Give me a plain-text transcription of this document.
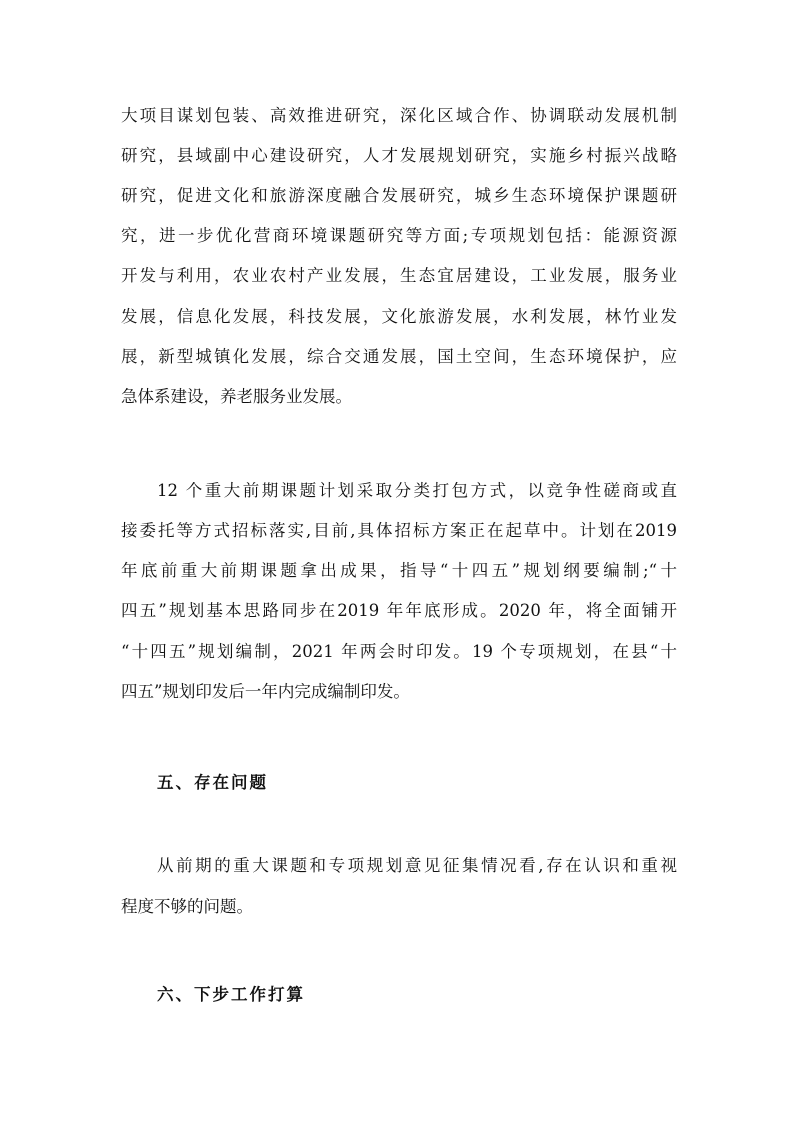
大项目谋划包装、高效推进研究，深化区域合作、协调联动发展机制
研究，县域副中心建设研究，人才发展规划研究，实施乡村振兴战略
研究，促进文化和旅游深度融合发展研究，城乡生态环境保护课题研
究，进一步优化营商环境课题研究等方面;专项规划包括：能源资源
开发与利用，农业农村产业发展，生态宜居建设，工业发展，服务业
发展，信息化发展，科技发展，文化旅游发展，水利发展，林竹业发
展，新型城镇化发展，综合交通发展，国土空间，生态环境保护，应
急体系建设，养老服务业发展。
12 个重大前期课题计划采取分类打包方式，以竞争性磋商或直
接委托等方式招标落实,目前,具体招标方案正在起草中。计划在2019
年底前重大前期课题拿出成果，指导“十四五”规划纲要编制;“十
四五”规划基本思路同步在2019 年年底形成。2020 年，将全面铺开
“十四五”规划编制，2021 年两会时印发。19 个专项规划，在县“十
四五”规划印发后一年内完成编制印发。
五、存在问题
从前期的重大课题和专项规划意见征集情况看,存在认识和重视
程度不够的问题。
六、下步工作打算
